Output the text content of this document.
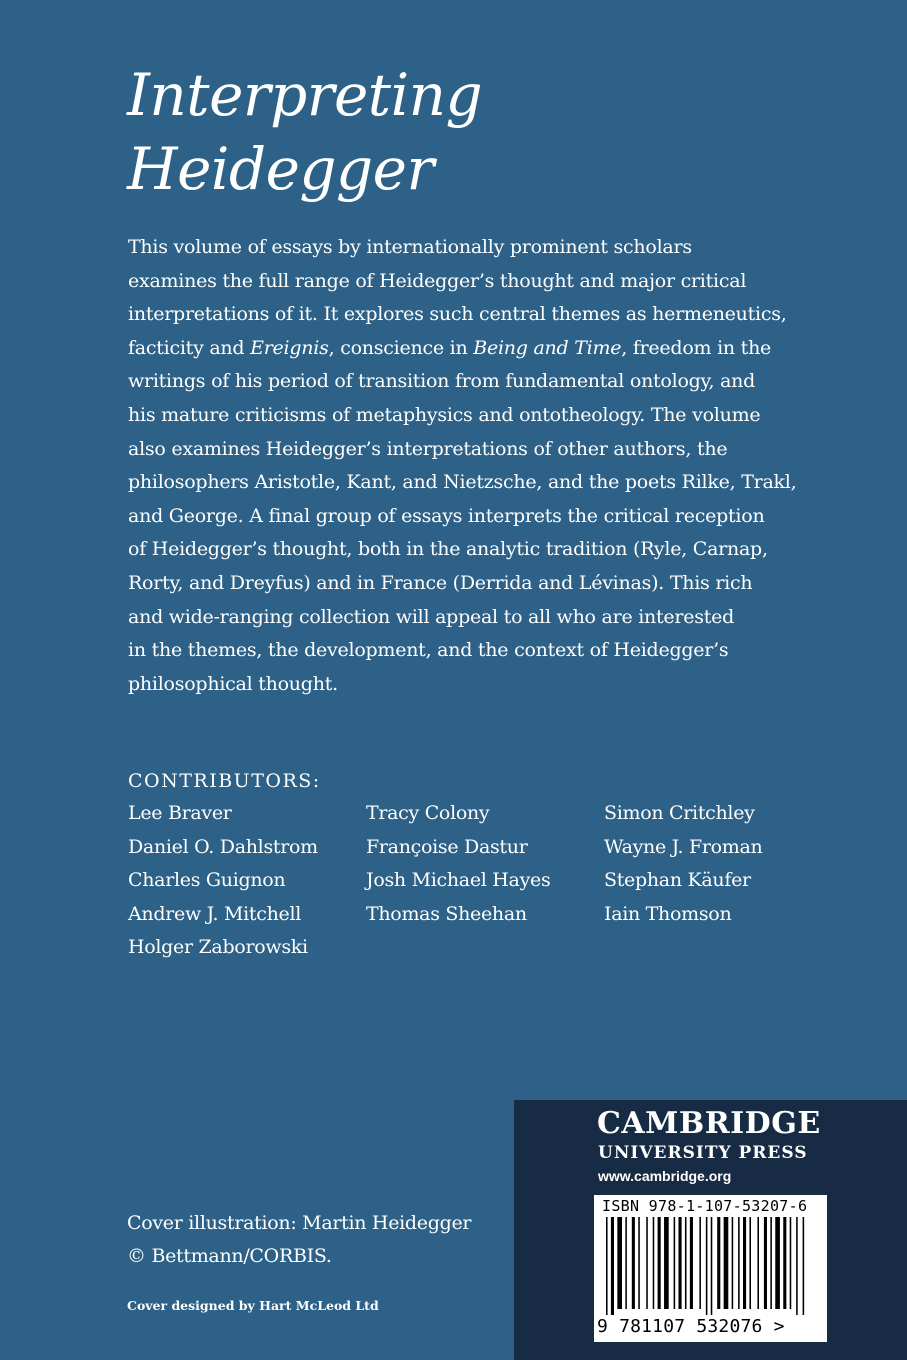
Interpreting
Heidegger
This volume of essays by internationally prominent scholars
examines the full range of Heidegger’s thought and major critical
interpretations of it. It explores such central themes as hermeneutics,
facticity and Ereignis, conscience in Being and Time, freedom in the
writings of his period of transition from fundamental ontology, and
his mature criticisms of metaphysics and ontotheology. The volume
also examines Heidegger’s interpretations of other authors, the
philosophers Aristotle, Kant, and Nietzsche, and the poets Rilke, Trakl,
and George. A final group of essays interprets the critical reception
of Heidegger’s thought, both in the analytic tradition (Ryle, Carnap,
Rorty, and Dreyfus) and in France (Derrida and Lévinas). This rich
and wide-ranging collection will appeal to all who are interested
in the themes, the development, and the context of Heidegger’s
philosophical thought.
CONTRIBUTORS:
Lee Braver	Tracy Colony	Simon Critchley
Daniel O. Dahlstrom	Françoise Dastur	Wayne J. Froman
Charles Guignon	Josh Michael Hayes	Stephan Käufer
Andrew J. Mitchell	Thomas Sheehan	Iain Thomson
Holger Zaborowski
Cover illustration: Martin Heidegger
© Bettmann/CORBIS.
Cover designed by Hart McLeod Ltd
CAMBRIDGE
UNIVERSITY PRESS
www.cambridge.org
ISBN 978-1-107-53207-6
9 781107 532076 >
